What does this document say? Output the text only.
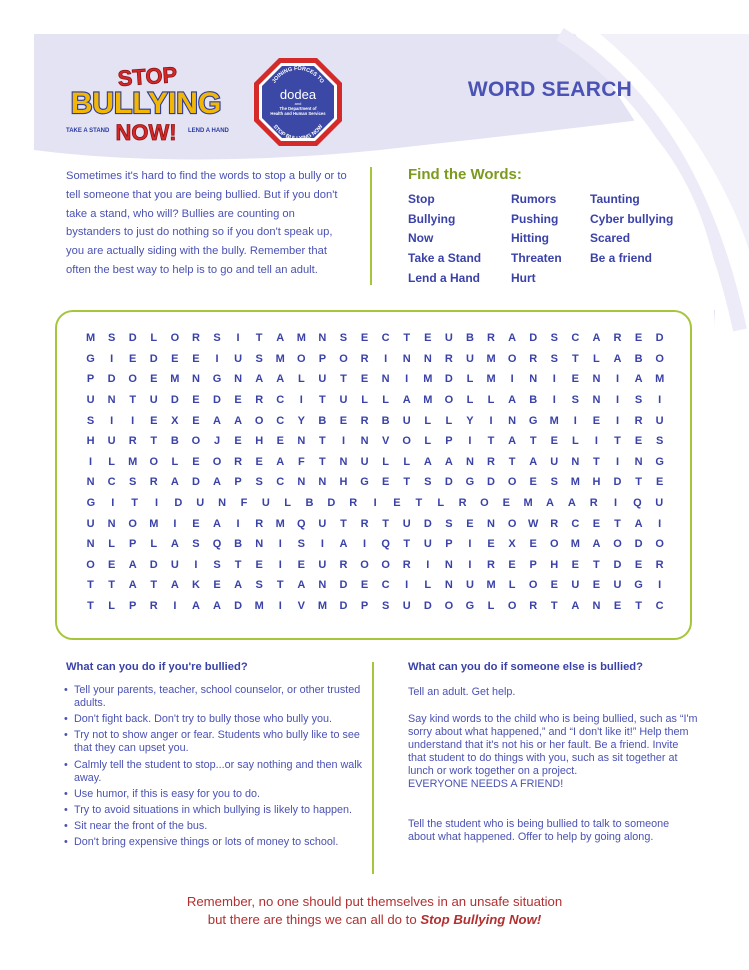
STOP
BULLYING
NOW!
TAKE A STAND	LEND A HAND
JOINING FORCES TO
dodea
and
The Department of
Health and Human Services
STOP BULLYING NOW
WORD SEARCH
Sometimes it's hard to find the words to stop a bully or to tell someone that you are being bullied. But if you don't take a stand, who will? Bullies are counting on bystanders to just do nothing so if you don't speak up, you are actually siding with the bully. Remember that often the best way to help is to go and tell an adult.
Find the Words:
Stop
Bullying
Now
Take a Stand
Lend a Hand
Rumors
Pushing
Hitting
Threaten
Hurt
Taunting
Cyber bullying
Scared
Be a friend
M	S	D	L	O	R	S	I	T	A	M	N	S	E	C	T	E	U	B	R	A	D	S	C	A	R	E	D
G	I	E	D	E	E	I	U	S	M	O	P	O	R	I	N	N	R	U	M	O	R	S	T	L	A	B	O
P	D	O	E	M	N	G	N	A	A	L	U	T	E	N	I	M	D	L	M	I	N	I	E	N	I	A	M
U	N	T	U	D	E	D	E	R	C	I	T	U	L	L	A	M	O	L	L	A	B	I	S	N	I	S	I
S	I	I	E	X	E	A	A	O	C	Y	B	E	R	B	U	L	L	Y	I	N	G	M	I	E	I	R	U
H	U	R	T	B	O	J	E	H	E	N	T	I	N	V	O	L	P	I	T	A	T	E	L	I	T	E	S
I	L	M	O	L	E	O	R	E	A	F	T	N	U	L	L	A	A	N	R	T	A	U	N	T	I	N	G
N	C	S	R	A	D	A	P	S	C	N	N	H	G	E	T	S	D	G	D	O	E	S	M	H	D	T	E
G	I	T	I	D	U	N	F	U	L	B	D	R	I	E	T	L	R	O	E	M	A	A	R	I	Q	U
U	N	O	M	I	E	A	I	R	M	Q	U	T	R	T	U	D	S	E	N	O	W	R	C	E	T	A	I
N	L	P	L	A	S	Q	B	N	I	S	I	A	I	Q	T	U	P	I	E	X	E	O	M	A	O	D	O
O	E	A	D	U	I	S	T	E	I	E	U	R	O	O	R	I	N	I	R	E	P	H	E	T	D	E	R
T	T	A	T	A	K	E	A	S	T	A	N	D	E	C	I	L	N	U	M	L	O	E	U	E	U	G	I
T	L	P	R	I	A	A	D	M	I	V	M	D	P	S	U	D	O	G	L	O	R	T	A	N	E	T	C
What can you do if you're bullied?
• Tell your parents, teacher, school counselor, or other trusted adults.
• Don't fight back. Don't try to bully those who bully you.
• Try not to show anger or fear. Students who bully like to see that they can upset you.
• Calmly tell the student to stop...or say nothing and then walk away.
• Use humor, if this is easy for you to do.
• Try to avoid situations in which bullying is likely to happen.
• Sit near the front of the bus.
• Don't bring expensive things or lots of money to school.
What can you do if someone else is bullied?
Tell an adult. Get help.
Say kind words to the child who is being bullied, such as “I'm sorry about what happened,” and “I don't like it!” Help them understand that it's not his or her fault. Be a friend. Invite that student to do things with you, such as sit together at lunch or work together on a project.
EVERYONE NEEDS A FRIEND!
Tell the student who is being bullied to talk to someone about what happened. Offer to help by going along.
Remember, no one should put themselves in an unsafe situation
but there are things we can all do to Stop Bullying Now!
